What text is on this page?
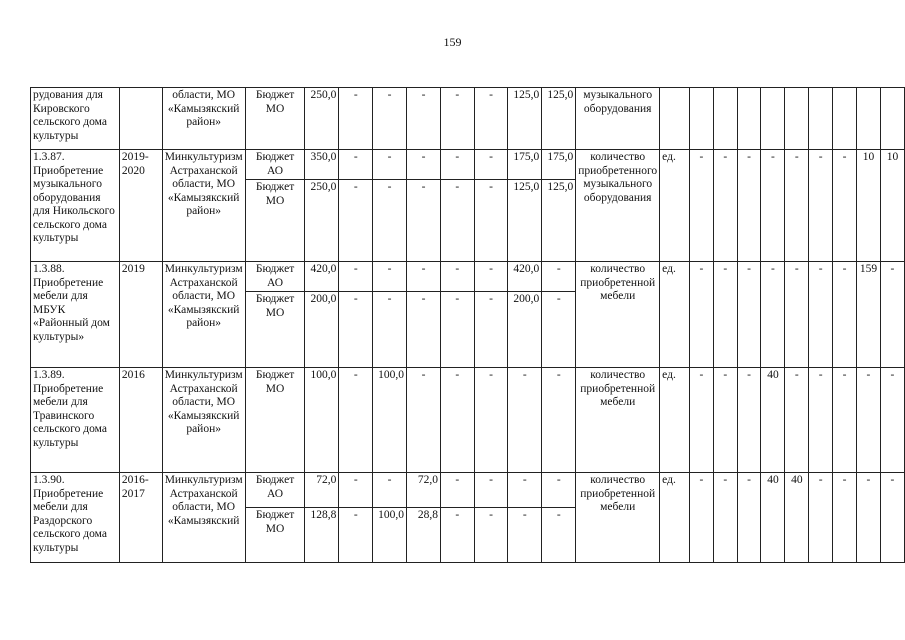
159
рудования для Кировского сельского дома культуры		области, МО «Камызякский район»	Бюджет МО	250,0	-	-	-	-	-	125,0	125,0	музыкального оборудования										
1.3.87. Приобретение музыкального оборудования для Никольского сельского дома культуры	2019-2020	Минкультуризм Астраханской области, МО «Камызякский район»	Бюджет АО	350,0	-	-	-	-	-	175,0	175,0	количество приобретенного музыкального оборудования	ед.	-	-	-	-	-	-	-	10	10
			Бюджет МО	250,0	-	-	-	-	-	125,0	125,0											
1.3.88. Приобретение мебели для МБУК «Районный дом культуры»	2019	Минкультуризм Астраханской области, МО «Камызякский район»	Бюджет АО	420,0	-	-	-	-	-	420,0	-	количество приобретенной мебели	ед.	-	-	-	-	-	-	-	159	-
			Бюджет МО	200,0	-	-	-	-	-	200,0	-											
1.3.89. Приобретение мебели для Травинского сельского дома культуры	2016	Минкультуризм Астраханской области, МО «Камызякский район»	Бюджет МО	100,0	-	100,0	-	-	-	-	-	количество приобретенной мебели	ед.	-	-	-	40	-	-	-	-	-
1.3.90. Приобретение мебели для Раздорского сельского дома культуры	2016-2017	Минкультуризм Астраханской области, МО «Камызякский	Бюджет АО	72,0	-	-	72,0	-	-	-	-	количество приобретенной мебели	ед.	-	-	-	40	40	-	-	-	-
			Бюджет МО	128,8	-	100,0	28,8	-	-	-	-											
